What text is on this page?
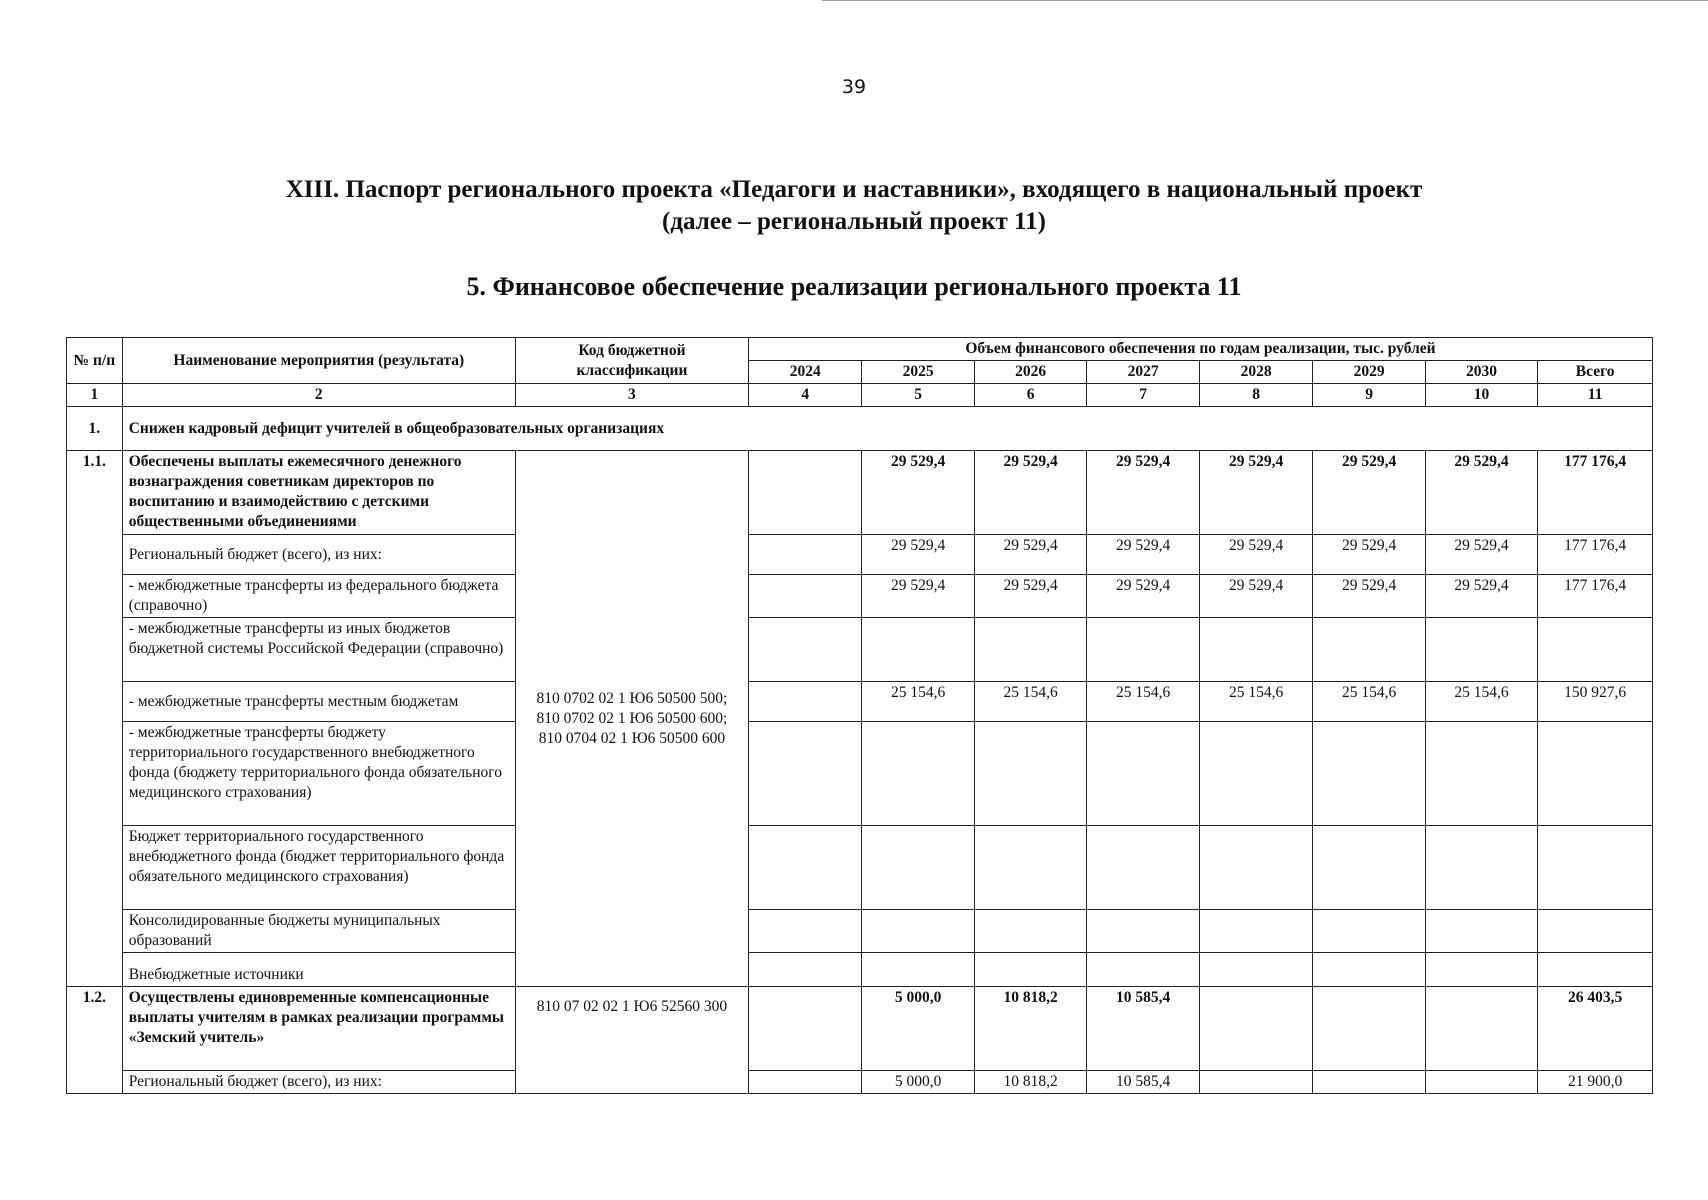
39
XIII. Паспорт регионального проекта «Педагоги и наставники», входящего в национальный проект
(далее – региональный проект 11)
5. Финансовое обеспечение реализации регионального проекта 11
№ п/п	Наименование мероприятия (результата)	Код бюджетной классификации	Объем финансового обеспечения по годам реализации, тыс. рублей							
			2024	2025	2026	2027	2028	2029	2030	Всего
1	2	3	4	5	6	7	8	9	10	11
1.	Снижен кадровый дефицит учителей в общеобразовательных организациях									
1.1.	Обеспечены выплаты ежемесячного денежного вознаграждения советникам директоров по воспитанию и взаимодействию с детскими общественными объединениями	810 0702 02 1 Ю6 50500 500;
810 0702 02 1 Ю6 50500 600;
810 0704 02 1 Ю6 50500 600		29 529,4	29 529,4	29 529,4	29 529,4	29 529,4	29 529,4	177 176,4
	Региональный бюджет (всего), из них:			29 529,4	29 529,4	29 529,4	29 529,4	29 529,4	29 529,4	177 176,4
	- межбюджетные трансферты из федерального бюджета (справочно)			29 529,4	29 529,4	29 529,4	29 529,4	29 529,4	29 529,4	177 176,4
	- межбюджетные трансферты из иных бюджетов бюджетной системы Российской Федерации (справочно)									
	- межбюджетные трансферты местным бюджетам			25 154,6	25 154,6	25 154,6	25 154,6	25 154,6	25 154,6	150 927,6
	- межбюджетные трансферты бюджету территориального государственного внебюджетного фонда (бюджету территориального фонда обязательного медицинского страхования)									
	Бюджет территориального государственного внебюджетного фонда (бюджет территориального фонда обязательного медицинского страхования)									
	Консолидированные бюджеты муниципальных образований									
	Внебюджетные источники									
1.2.	Осуществлены единовременные компенсационные выплаты учителям в рамках реализации программы «Земский учитель»	810 07 02 02 1 Ю6 52560 300		5 000,0	10 818,2	10 585,4				26 403,5
	Региональный бюджет (всего), из них:			5 000,0	10 818,2	10 585,4				21 900,0
